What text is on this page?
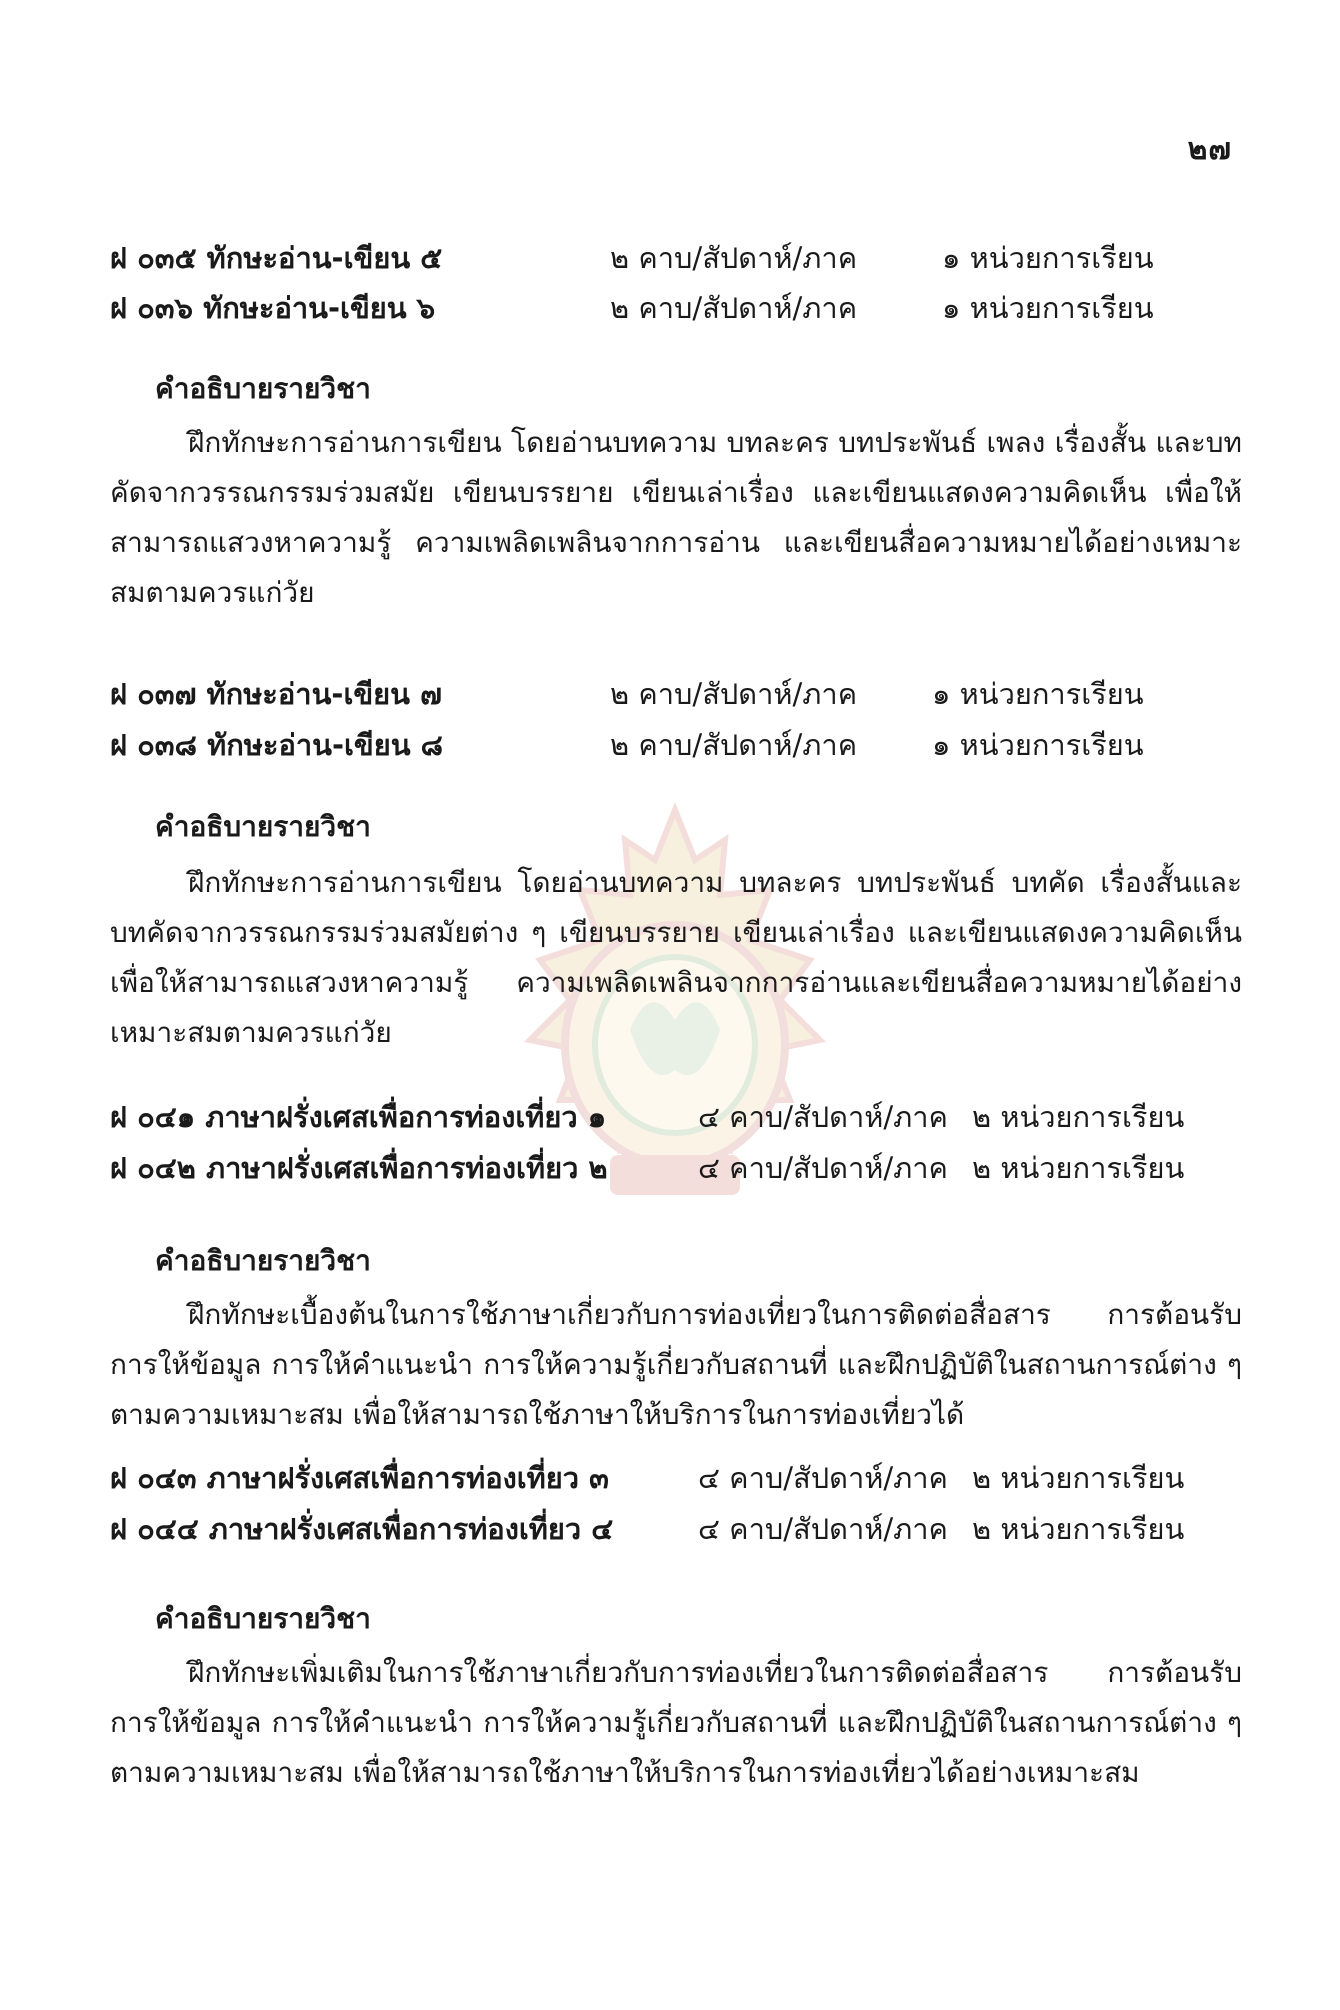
๒๗
ฝ ๐๓๕ ทักษะอ่าน-เขียน ๕	๒ คาบ/สัปดาห์/ภาค	๑ หน่วยการเรียน
ฝ ๐๓๖ ทักษะอ่าน-เขียน ๖	๒ คาบ/สัปดาห์/ภาค	๑ หน่วยการเรียน
คำอธิบายรายวิชา

ฝึกทักษะการอ่านการเขียน โดยอ่านบทความ บทละคร บทประพันธ์ เพลง เรื่องสั้น และบทคัดจากวรรณกรรมร่วมสมัย เขียนบรรยาย เขียนเล่าเรื่อง และเขียนแสดงความคิดเห็น เพื่อให้สามารถแสวงหาความรู้ ความเพลิดเพลินจากการอ่าน และเขียนสื่อความหมายได้อย่างเหมาะสมตามควรแก่วัย

ฝ ๐๓๗ ทักษะอ่าน-เขียน ๗	๒ คาบ/สัปดาห์/ภาค	๑ หน่วยการเรียน
ฝ ๐๓๘ ทักษะอ่าน-เขียน ๘	๒ คาบ/สัปดาห์/ภาค	๑ หน่วยการเรียน
คำอธิบายรายวิชา

ฝึกทักษะการอ่านการเขียน โดยอ่านบทความ บทละคร บทประพันธ์ บทคัด เรื่องสั้นและบทคัดจากวรรณกรรมร่วมสมัยต่าง ๆ เขียนบรรยาย เขียนเล่าเรื่อง และเขียนแสดงความคิดเห็น เพื่อให้สามารถแสวงหาความรู้ ความเพลิดเพลินจากการอ่านและเขียนสื่อความหมายได้อย่างเหมาะสมตามควรแก่วัย

ฝ ๐๔๑ ภาษาฝรั่งเศสเพื่อการท่องเที่ยว ๑	๔ คาบ/สัปดาห์/ภาค ๒ หน่วยการเรียน
ฝ ๐๔๒ ภาษาฝรั่งเศสเพื่อการท่องเที่ยว ๒	๔ คาบ/สัปดาห์/ภาค ๒ หน่วยการเรียน
คำอธิบายรายวิชา

ฝึกทักษะเบื้องต้นในการใช้ภาษาเกี่ยวกับการท่องเที่ยวในการติดต่อสื่อสาร การต้อนรับ การให้ข้อมูล การให้คำแนะนำ การให้ความรู้เกี่ยวกับสถานที่ และฝึกปฏิบัติในสถานการณ์ต่าง ๆ ตามความเหมาะสม เพื่อให้สามารถใช้ภาษาให้บริการในการท่องเที่ยวได้

ฝ ๐๔๓ ภาษาฝรั่งเศสเพื่อการท่องเที่ยว ๓	๔ คาบ/สัปดาห์/ภาค ๒ หน่วยการเรียน
ฝ ๐๔๔ ภาษาฝรั่งเศสเพื่อการท่องเที่ยว ๔	๔ คาบ/สัปดาห์/ภาค ๒ หน่วยการเรียน
คำอธิบายรายวิชา

ฝึกทักษะเพิ่มเติมในการใช้ภาษาเกี่ยวกับการท่องเที่ยวในการติดต่อสื่อสาร การต้อนรับ การให้ข้อมูล การให้คำแนะนำ การให้ความรู้เกี่ยวกับสถานที่ และฝึกปฏิบัติในสถานการณ์ต่าง ๆ ตามความเหมาะสม เพื่อให้สามารถใช้ภาษาให้บริการในการท่องเที่ยวได้อย่างเหมาะสม
